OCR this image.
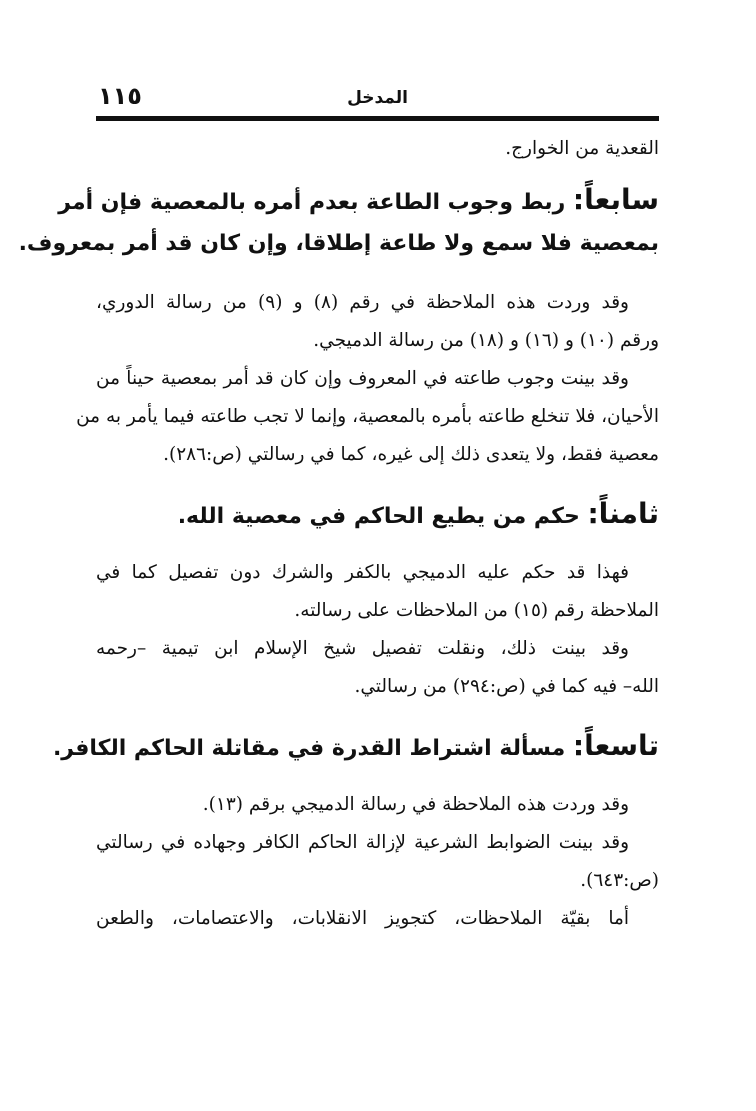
١١٥	المدخل
القعدية من الخوارج.
سابعاً: ربط وجوب الطاعة بعدم أمره بالمعصية فإن أمر
بمعصية فلا سمع ولا طاعة إطلاقا، وإن كان قد أمر بمعروف.
وقد وردت هذه الملاحظة في رقم (٨) و (٩) من رسالة الدوري،
ورقم (١٠) و (١٦) و (١٨) من رسالة الدميجي.
وقد بينت وجوب طاعته في المعروف وإن كان قد أمر بمعصية حيناً من
الأحيان، فلا تنخلع طاعته بأمره بالمعصية، وإنما لا تجب طاعته فيما يأمر به من
معصية فقط، ولا يتعدى ذلك إلى غيره، كما في رسالتي (ص:٢٨٦).
ثامناً: حكم من يطيع الحاكم في معصية الله.
فهذا قد حكم عليه الدميجي بالكفر والشرك دون تفصيل كما في
الملاحظة رقم (١٥) من الملاحظات على رسالته.
وقد بينت ذلك، ونقلت تفصيل شيخ الإسلام ابن تيمية –رحمه
الله– فيه كما في (ص:٢٩٤) من رسالتي.
تاسعاً: مسألة اشتراط القدرة في مقاتلة الحاكم الكافر.
وقد وردت هذه الملاحظة في رسالة الدميجي برقم (١٣).
وقد بينت الضوابط الشرعية لإزالة الحاكم الكافر وجهاده في رسالتي
(ص:٦٤٣).
أما بقيّة الملاحظات، كتجويز الانقلابات، والاعتصامات، والطعن
